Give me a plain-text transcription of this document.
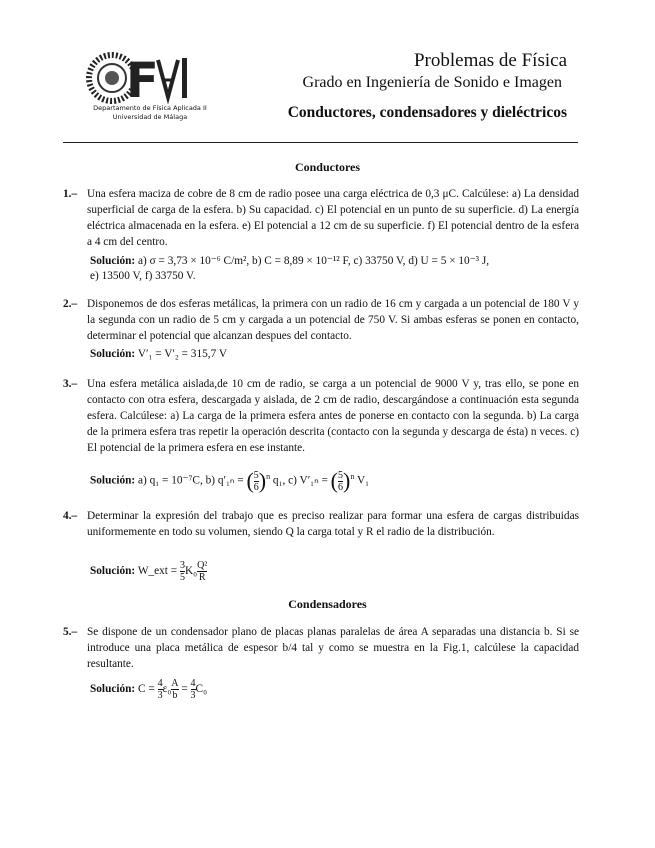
F
Departamento de Física Aplicada II
Universidad de Málaga
Problemas de Física
Grado en Ingeniería de Sonido e Imagen
Conductores, condensadores y dieléctricos
Conductores
1.– Una esfera maciza de cobre de 8 cm de radio posee una carga eléctrica de 0,3 μC. Calcúlese: a) La densidad superficial de carga de la esfera. b) Su capacidad. c) El potencial en un punto de su superficie. d) La energía eléctrica almacenada en la esfera. e) El potencial a 12 cm de su superficie. f) El potencial dentro de la esfera a 4 cm del centro.
Solución: a) σ = 3,73 × 10⁻⁶ C/m², b) C = 8,89 × 10⁻¹² F, c) 33750 V, d) U = 5 × 10⁻³ J,
e) 13500 V, f) 33750 V.
2.– Disponemos de dos esferas metálicas, la primera con un radio de 16 cm y cargada a un potencial de 180 V y la segunda con un radio de 5 cm y cargada a un potencial de 750 V. Si ambas esferas se ponen en contacto, determinar el potencial que alcanzan despues del contacto.
Solución: V′₁ = V′₂ = 315,7 V
3.– Una esfera metálica aislada,de 10 cm de radio, se carga a un potencial de 9000 V y, tras ello, se pone en contacto con otra esfera, descargada y aislada, de 2 cm de radio, descargándose a continuación esta segunda esfera. Calcúlese: a) La carga de la primera esfera antes de ponerse en contacto con la segunda. b) La carga de la primera esfera tras repetir la operación descrita (contacto con la segunda y descarga de ésta) n veces. c) El potencial de la primera esfera en ese instante.
Solución: a) q₁ = 10⁻⁷C, b) q′₁ₙ = ( $\frac{5}{6} )^n$ q₁, c) V′₁ₙ = ( $\frac{5}{6} )^n$ V₁
4.– Determinar la expresión del trabajo que es preciso realizar para formar una esfera de cargas distribuidas uniformemente en todo su volumen, siendo Q la carga total y R el radio de la distribución.
Solución: W_ext = $\frac{3}{5} K_0 \frac{\text{Q²}}{R}$
Condensadores
5.– Se dispone de un condensador plano de placas planas paralelas de área A separadas una distancia b. Si se introduce una placa metálica de espesor b/4 tal y como se muestra en la Fig.1, calcúlese la capacidad resultante.
Solución: $C = \frac{4}{3} \varepsilon_0 \frac{A}{b} = \frac{4}{3} C_0$
